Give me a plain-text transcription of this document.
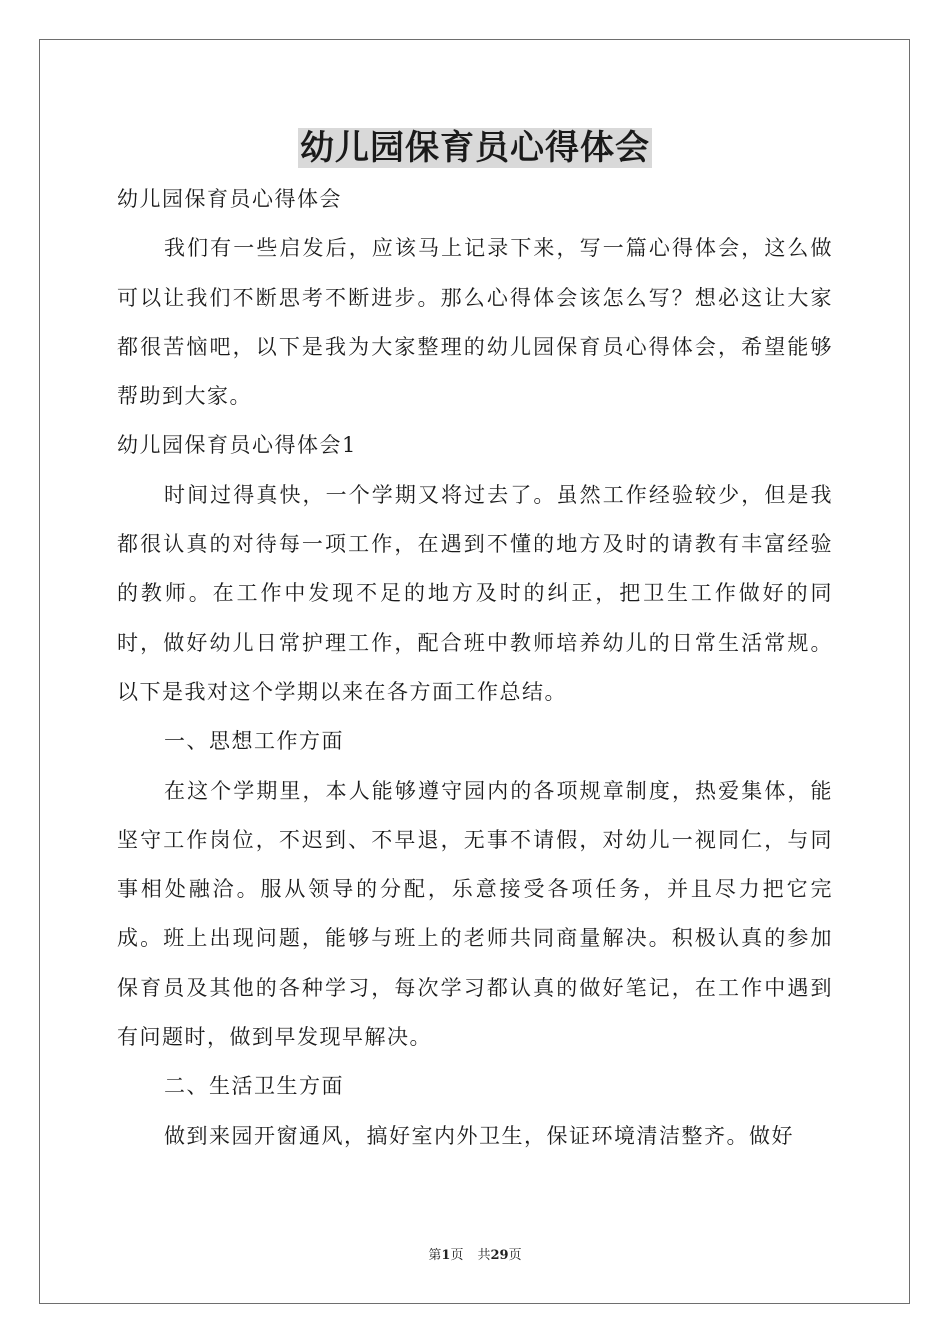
幼儿园保育员心得体会

幼儿园保育员心得体会

我们有一些启发后，应该马上记录下来，写一篇心得体会，这么做可以让我们不断思考不断进步。那么心得体会该怎么写？想必这让大家都很苦恼吧，以下是我为大家整理的幼儿园保育员心得体会，希望能够帮助到大家。

幼儿园保育员心得体会1

时间过得真快，一个学期又将过去了。虽然工作经验较少，但是我都很认真的对待每一项工作，在遇到不懂的地方及时的请教有丰富经验的教师。在工作中发现不足的地方及时的纠正，把卫生工作做好的同时，做好幼儿日常护理工作，配合班中教师培养幼儿的日常生活常规。以下是我对这个学期以来在各方面工作总结。

一、思想工作方面

在这个学期里，本人能够遵守园内的各项规章制度，热爱集体，能坚守工作岗位，不迟到、不早退，无事不请假，对幼儿一视同仁，与同事相处融洽。服从领导的分配，乐意接受各项任务，并且尽力把它完成。班上出现问题，能够与班上的老师共同商量解决。积极认真的参加保育员及其他的各种学习，每次学习都认真的做好笔记，在工作中遇到有问题时，做到早发现早解决。

二、生活卫生方面

做到来园开窗通风，搞好室内外卫生，保证环境清洁整齐。做好

第1页 共29页
